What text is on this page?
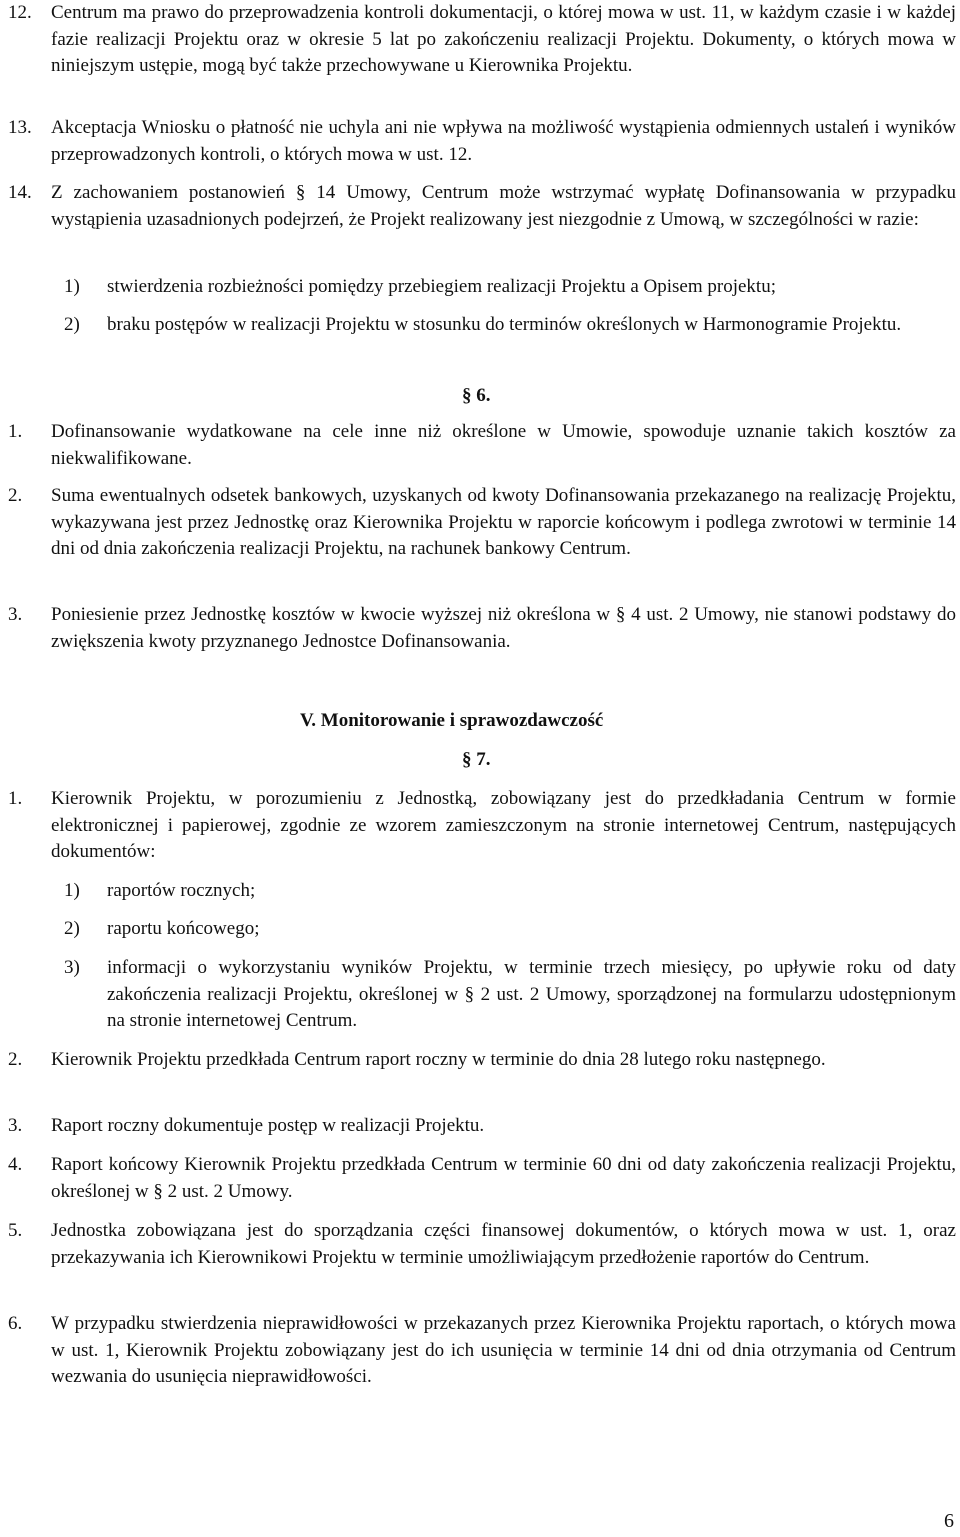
12. Centrum ma prawo do przeprowadzenia kontroli dokumentacji, o której mowa w ust. 11, w każdym czasie i w każdej fazie realizacji Projektu oraz w okresie 5 lat po zakończeniu realizacji Projektu. Dokumenty, o których mowa w niniejszym ustępie, mogą być także przechowywane u Kierownika Projektu.
13. Akceptacja Wniosku o płatność nie uchyla ani nie wpływa na możliwość wystąpienia odmiennych ustaleń i wyników przeprowadzonych kontroli, o których mowa w ust. 12.
14. Z zachowaniem postanowień § 14 Umowy, Centrum może wstrzymać wypłatę Dofinansowania w przypadku wystąpienia uzasadnionych podejrzeń, że Projekt realizowany jest niezgodnie z Umową, w szczególności w razie:
1) stwierdzenia rozbieżności pomiędzy przebiegiem realizacji Projektu a Opisem projektu;
2) braku postępów w realizacji Projektu w stosunku do terminów określonych w Harmonogramie Projektu.
§ 6.
1. Dofinansowanie wydatkowane na cele inne niż określone w Umowie, spowoduje uznanie takich kosztów za niekwalifikowane.
2. Suma ewentualnych odsetek bankowych, uzyskanych od kwoty Dofinansowania przekazanego na realizację Projektu, wykazywana jest przez Jednostkę oraz Kierownika Projektu w raporcie końcowym i podlega zwrotowi w terminie 14 dni od dnia zakończenia realizacji Projektu, na rachunek bankowy Centrum.
3. Poniesienie przez Jednostkę kosztów w kwocie wyższej niż określona w § 4 ust. 2 Umowy, nie stanowi podstawy do zwiększenia kwoty przyznanego Jednostce Dofinansowania.
V. Monitorowanie i sprawozdawczość
§ 7.
1. Kierownik Projektu, w porozumieniu z Jednostką, zobowiązany jest do przedkładania Centrum w formie elektronicznej i papierowej, zgodnie ze wzorem zamieszczonym na stronie internetowej Centrum, następujących dokumentów:
1) raportów rocznych;
2) raportu końcowego;
3) informacji o wykorzystaniu wyników Projektu, w terminie trzech miesięcy, po upływie roku od daty zakończenia realizacji Projektu, określonej w § 2 ust. 2 Umowy, sporządzonej na formularzu udostępnionym na stronie internetowej Centrum.
2. Kierownik Projektu przedkłada Centrum raport roczny w terminie do dnia 28 lutego roku następnego.
3. Raport roczny dokumentuje postęp w realizacji Projektu.
4. Raport końcowy Kierownik Projektu przedkłada Centrum w terminie 60 dni od daty zakończenia realizacji Projektu, określonej w § 2 ust. 2 Umowy.
5. Jednostka zobowiązana jest do sporządzania części finansowej dokumentów, o których mowa w ust. 1, oraz przekazywania ich Kierownikowi Projektu w terminie umożliwiającym przedłożenie raportów do Centrum.
6. W przypadku stwierdzenia nieprawidłowości w przekazanych przez Kierownika Projektu raportach, o których mowa w ust. 1, Kierownik Projektu zobowiązany jest do ich usunięcia w terminie 14 dni od dnia otrzymania od Centrum wezwania do usunięcia nieprawidłowości.
6
